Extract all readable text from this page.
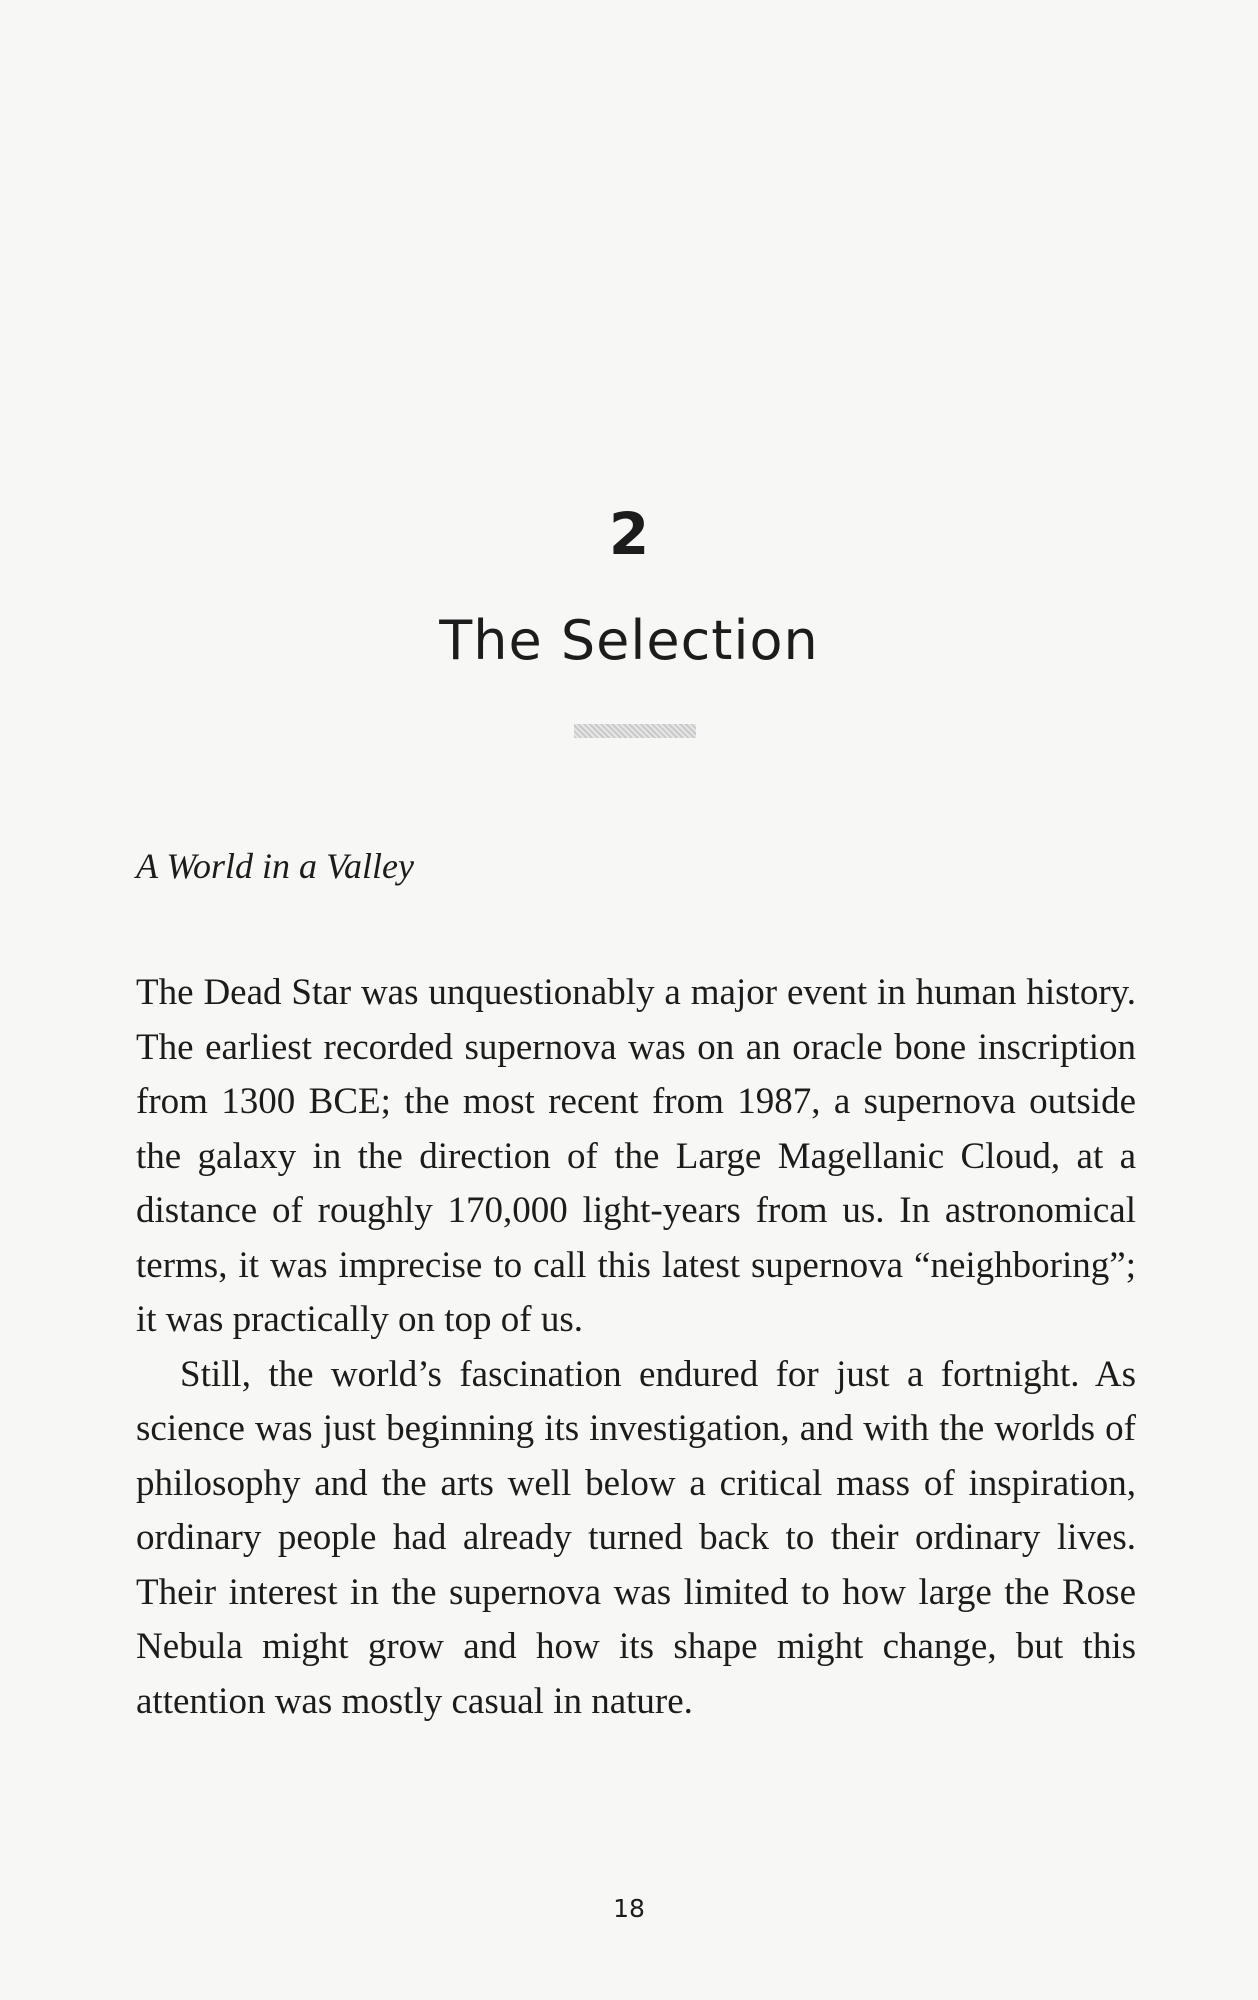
2
The Selection
A World in a Valley

The Dead Star was unquestionably a major event in human history. The earliest recorded supernova was on an oracle bone inscription from 1300 BCE; the most recent from 1987, a supernova outside the galaxy in the direction of the Large Magellanic Cloud, at a distance of roughly 170,000 light-years from us. In astronomical terms, it was imprecise to call this latest supernova “neighboring”; it was practically on top of us.

Still, the world’s fascination endured for just a fortnight. As science was just beginning its investigation, and with the worlds of philosophy and the arts well below a critical mass of inspiration, ordinary people had already turned back to their ordinary lives. Their interest in the supernova was limited to how large the Rose Nebula might grow and how its shape might change, but this attention was mostly casual in nature.

18
